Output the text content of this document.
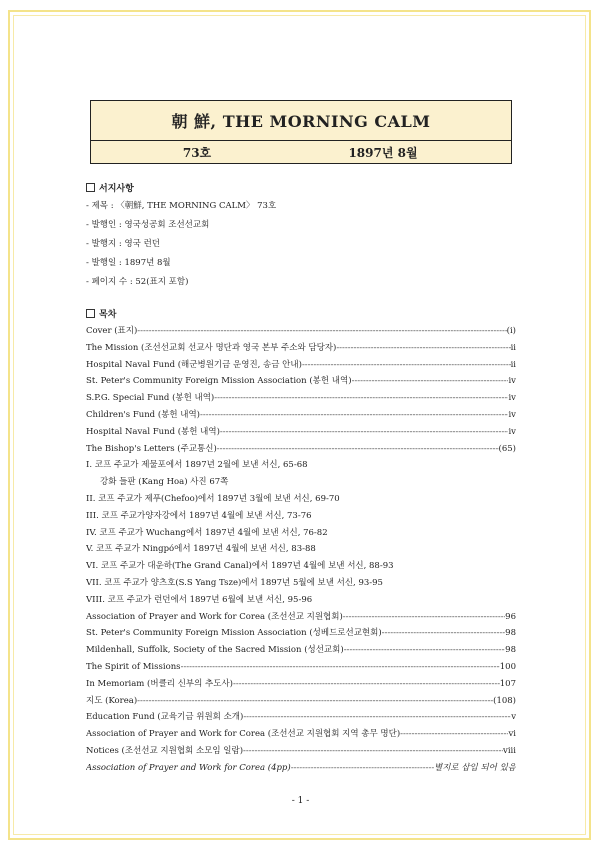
朝 鮮, THE MORNING CALM
73호	1897년 8월
서지사항
- 제목 : 〈朝鮮, THE MORNING CALM〉 73호
- 발행인 : 영국성공회 조선선교회
- 발행지 : 영국 런던
- 발행일 : 1897년 8월
- 페이지 수 : 52(표지 포함)
목차
Cover (표지) -----	(i)
The Mission (조선선교회 선교사 명단과 영국 본부 주소와 담당자) -----	ii
Hospital Naval Fund (해군병원기금 운영진, 송금 안내) -----	ii
St. Peter's Community Foreign Mission Association (봉헌 내역) -----	iv
S.P.G. Special Fund (봉헌 내역) -----	iv
Children's Fund (봉헌 내역) -----	iv
Hospital Naval Fund (봉헌 내역) -----	iv
The Bishop's Letters (주교통신) -----	(65)
I. 코프 주교가 제물포에서 1897년 2월에 보낸 서신, 65-68
강화 들판 (Kang Hoa) 사진 67쪽
II. 코프 주교가 제푸(Chefoo)에서 1897년 3월에 보낸 서신, 69-70
III. 코프 주교가양자강에서 1897년 4월에 보낸 서신, 73-76
IV. 코프 주교가 Wuchang에서 1897년 4월에 보낸 서신, 76-82
V. 코프 주교가 Ningpó에서 1897년 4월에 보낸 서신, 83-88
VI. 코프 주교가 대운하(The Grand Canal)에서 1897년 4월에 보낸 서신, 88-93
VII. 코프 주교가 양츠호(S.S Yang Tsze)에서 1897년 5월에 보낸 서신, 93-95
VIII. 코프 주교가 런던에서 1897년 6월에 보낸 서신, 95-96
Association of Prayer and Work for Corea (조선선교 지원협회) -----	96
St. Peter's Community Foreign Mission Association (성베드로선교현회) -----	98
Mildenhall, Suffolk, Society of the Sacred Mission (성선교회) -----	98
The Spirit of Missions -----	100
In Memoriam (버클리 신부의 추도사) -----	107
지도 (Korea) -----	(108)
Education Fund (교육기금 위원회 소개) -----	v
Association of Prayer and Work for Corea (조선선교 지원협회 지역 총무 명단) -----	vi
Notices (조선선교 지원협회 소모임 일람) -----	viii
Association of Prayer and Work for Corea (4pp) -----	별지로 삽입 되어 있음
- 1 -
